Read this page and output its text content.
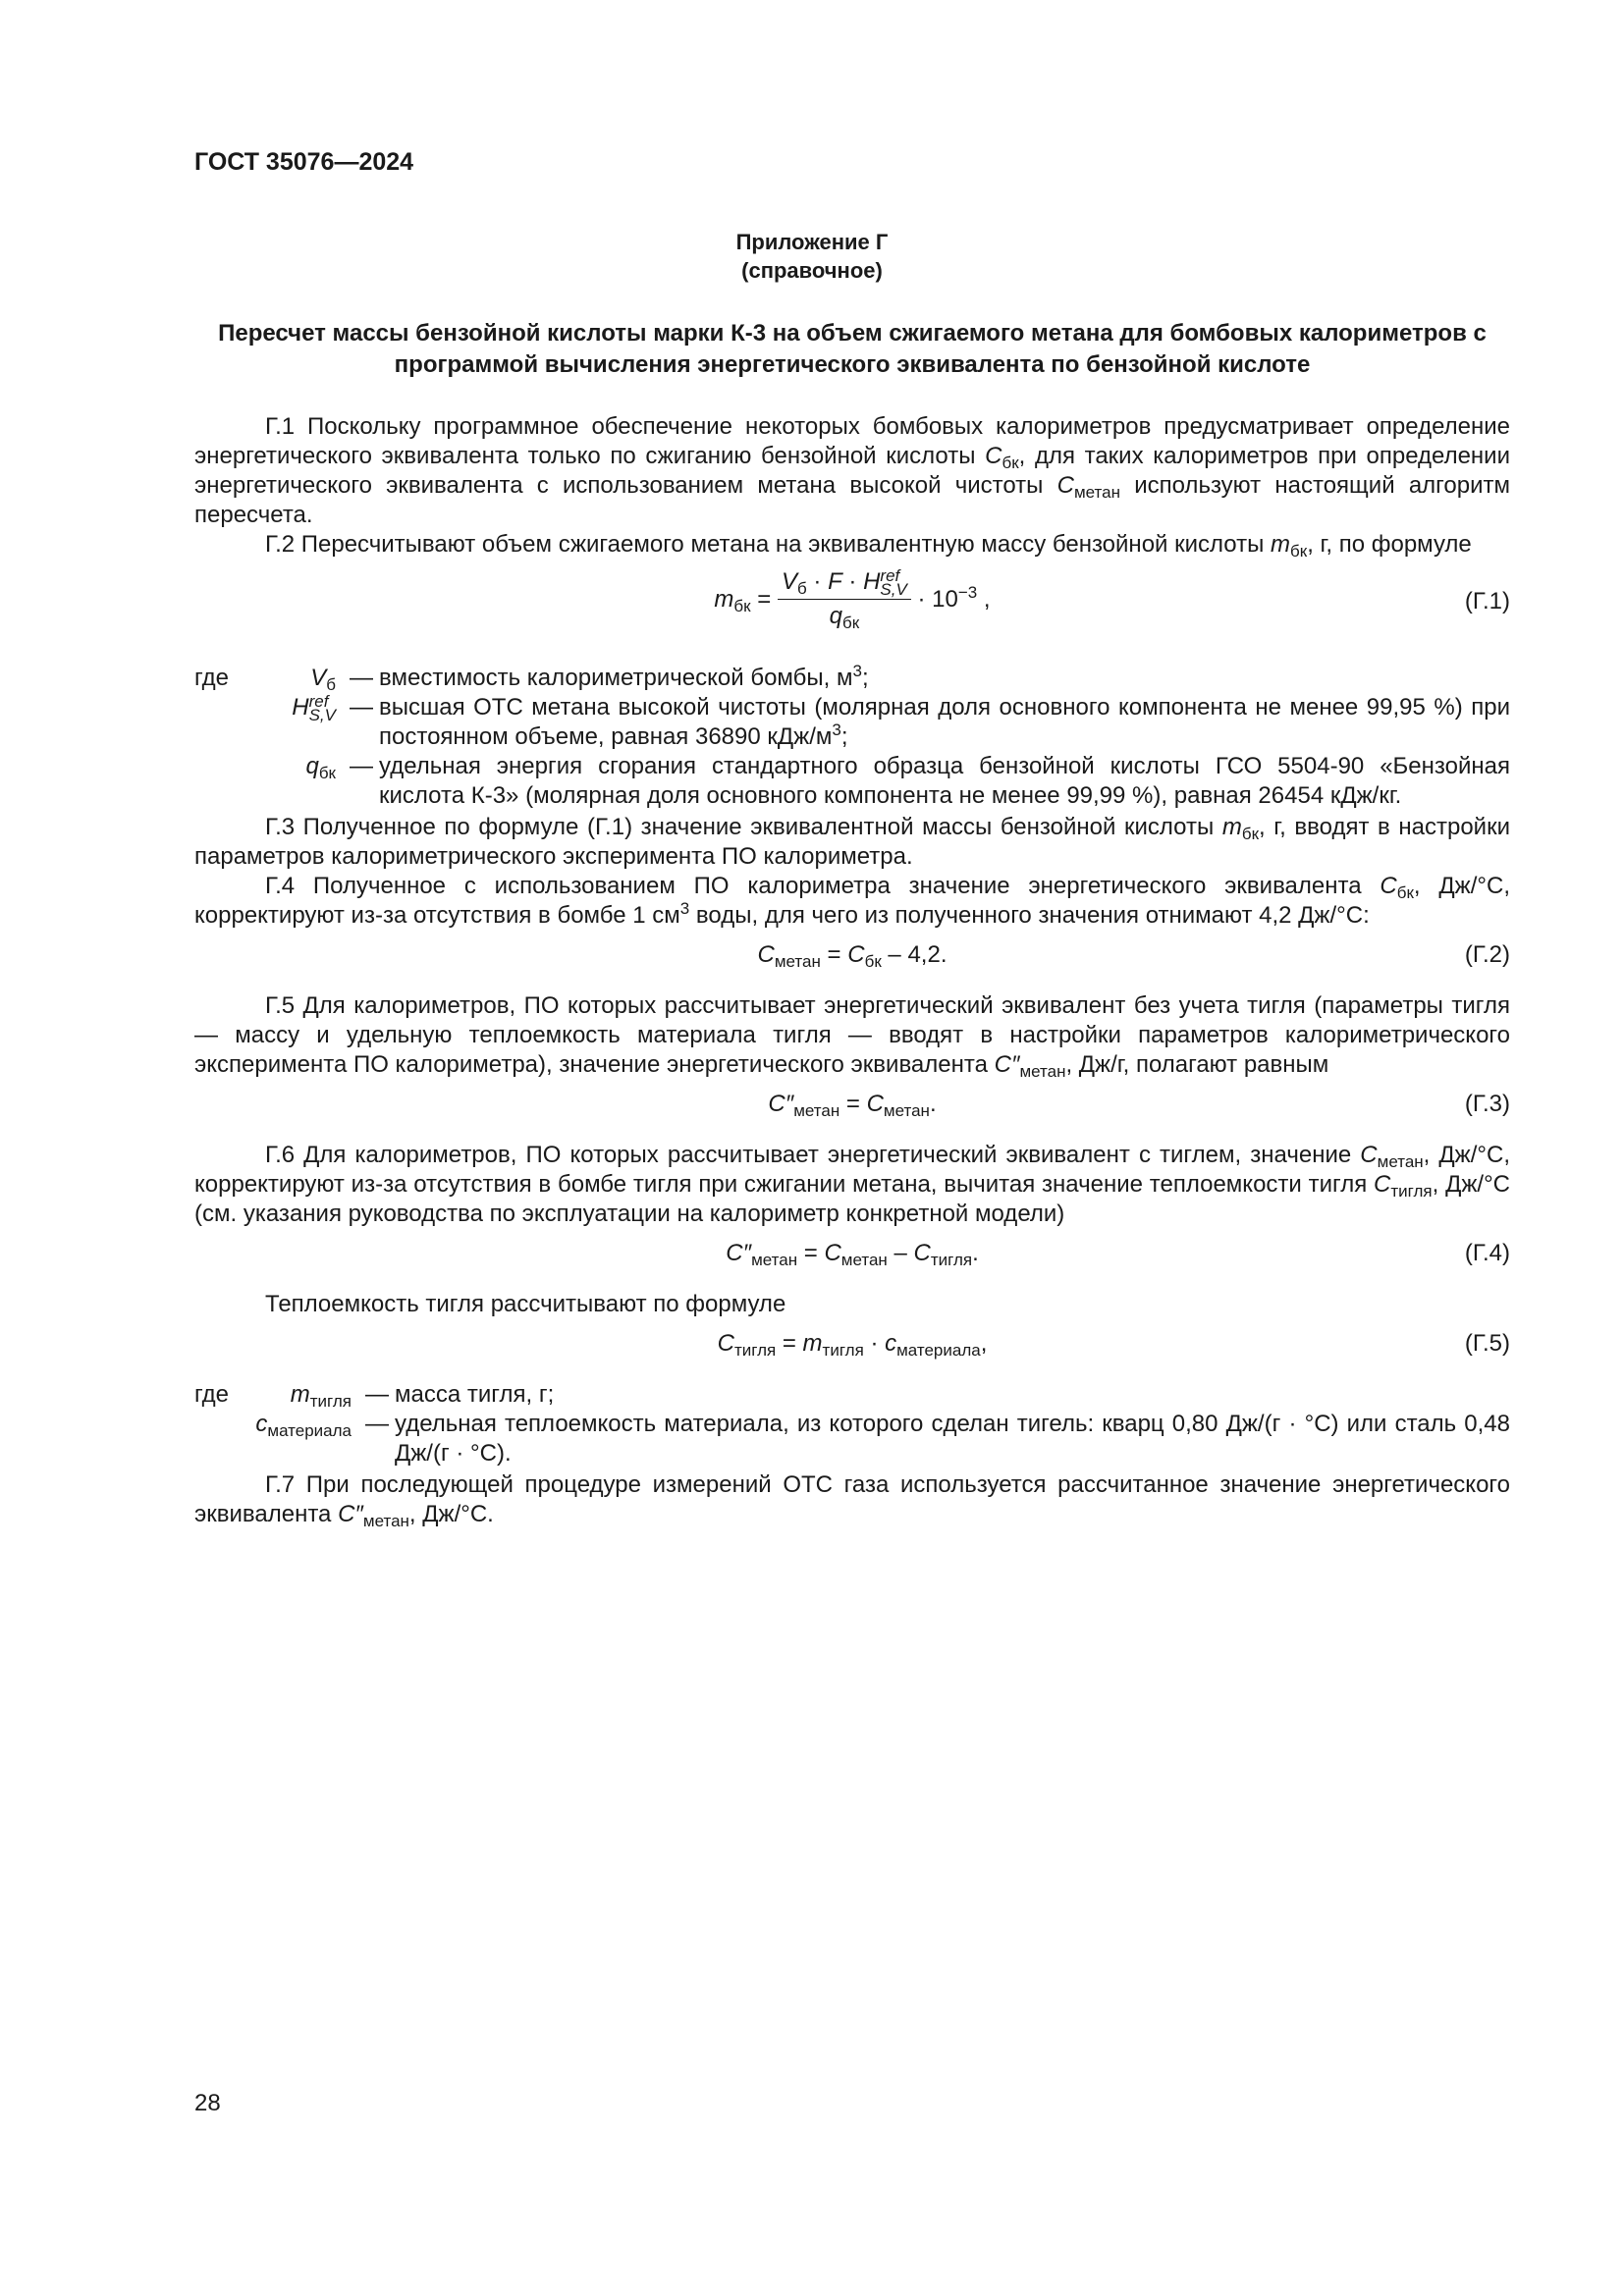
ГОСТ 35076—2024
Приложение Г
(справочное)
Пересчет массы бензойной кислоты марки К-3 на объем сжигаемого метана для бомбовых калориметров с программой вычисления энергетического эквивалента по бензойной кислоте

Г.1 Поскольку программное обеспечение некоторых бомбовых калориметров предусматривает определение энергетического эквивалента только по сжиганию бензойной кислоты $C_{бк}$, для таких калориметров при определении энергетического эквивалента с использованием метана высокой чистоты $C_{метан}$ используют настоящий алгоритм пересчета.

Г.2 Пересчитывают объем сжигаемого метана на эквивалентную массу бензойной кислоты $m_{бк}$, г, по формуле

$m_{бк} = V_б \cdot F \cdot H$ ref
S,V
$q_{бк} \cdot 10^{-3}$ ,	(Г.1)
где	$V_б$	—	вместимость калориметрической бомбы, $м^3$;
	H ref
S,V	—	высшая ОТС метана высокой чистоты (молярная доля основного компонента не менее 99,95 %) при постоянном объеме, равная 36890 кДж/$м^3$;
	$q_{бк}$	—	удельная энергия сгорания стандартного образца бензойной кислоты ГСО 5504-90 «Бензойная кислота К-3» (молярная доля основного компонента не менее 99,99 %), равная 26454 кДж/кг.

Г.3 Полученное по формуле (Г.1) значение эквивалентной массы бензойной кислоты $m_{бк}$, г, вводят в настройки параметров калориметрического эксперимента ПО калориметра.

Г.4 Полученное с использованием ПО калориметра значение энергетического эквивалента $C_{бк}$, Дж/°С, корректируют из-за отсутствия в бомбе 1 $см^3$ воды, для чего из полученного значения отнимают 4,2 Дж/°С:

$C_{метан} = C_{бк} - 4,2$.	(Г.2)

Г.5 Для калориметров, ПО которых рассчитывает энергетический эквивалент без учета тигля (параметры тигля — массу и удельную теплоемкость материала тигля — вводят в настройки параметров калориметрического эксперимента ПО калориметра), значение энергетического эквивалента $C''_{метан}$, Дж/г, полагают равным

$C''_{метан} = C_{метан}$.	(Г.3)

Г.6 Для калориметров, ПО которых рассчитывает энергетический эквивалент с тиглем, значение $C_{метан}$, Дж/°С, корректируют из-за отсутствия в бомбе тигля при сжигании метана, вычитая значение теплоемкости тигля $C_{тигля}$, Дж/°С (см. указания руководства по эксплуатации на калориметр конкретной модели)

$C''_{метан} = C_{метан} - C_{тигля}$.	(Г.4)

Теплоемкость тигля рассчитывают по формуле

$C_{тигля} = m_{тигля} \cdot c_{материала}$,	(Г.5)
где	$m_{тигля}$	—	масса тигля, г;
	$c_{материала}$	—	удельная теплоемкость материала, из которого сделан тигель: кварц 0,80 Дж/(г · °С) или сталь 0,48 Дж/(г · °С).

Г.7 При последующей процедуре измерений ОТС газа используется рассчитанное значение энергетического эквивалента $C''_{метан}$, Дж/°С.

28
